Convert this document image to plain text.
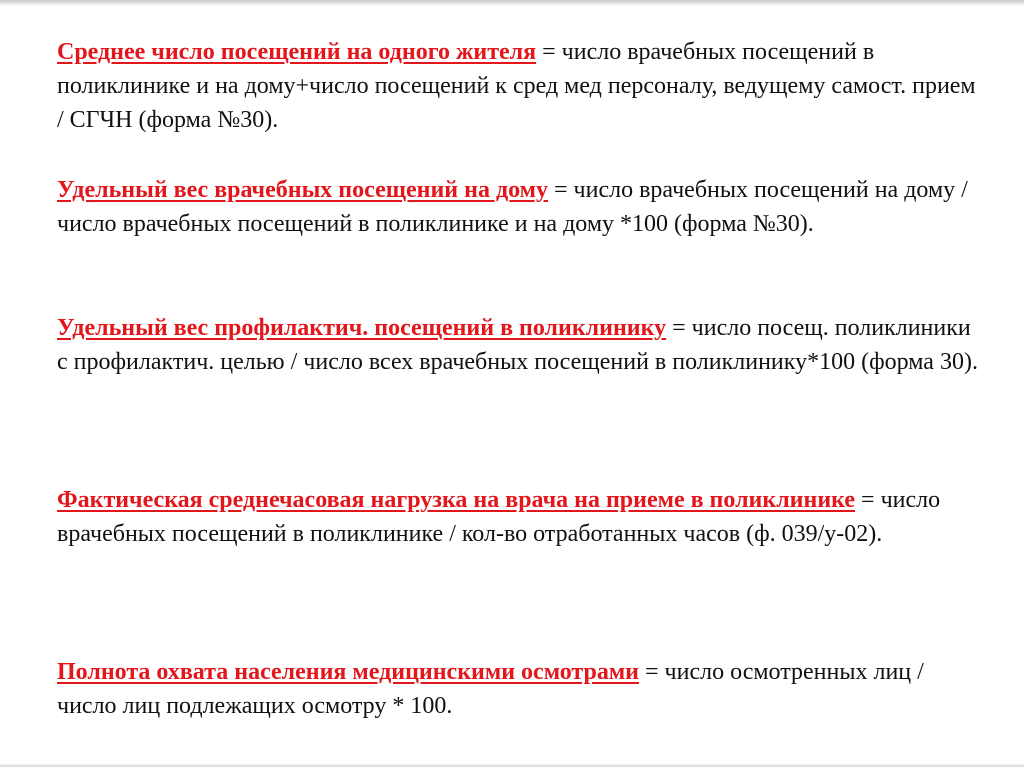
Среднее число посещений на одного жителя = число врачебных посещений в поликлинике и на дому+число посещений к сред мед персоналу, ведущему самост. прием / СГЧН (форма №30).

Удельный вес врачебных посещений на дому = число врачебных посещений на дому / число врачебных посещений в поликлинике и на дому *100 (форма №30).

Удельный вес профилактич. посещений в поликлинику = число посещ. поликлиники с профилактич. целью / число всех врачебных посещений в поликлинику*100 (форма 30).

Фактическая среднечасовая нагрузка на врача на приеме в поликлинике = число врачебных посещений в поликлинике / кол-во отработанных часов (ф. 039/у-02).

Полнота охвата населения медицинскими осмотрами = число осмотренных лиц / число лиц подлежащих осмотру * 100.
